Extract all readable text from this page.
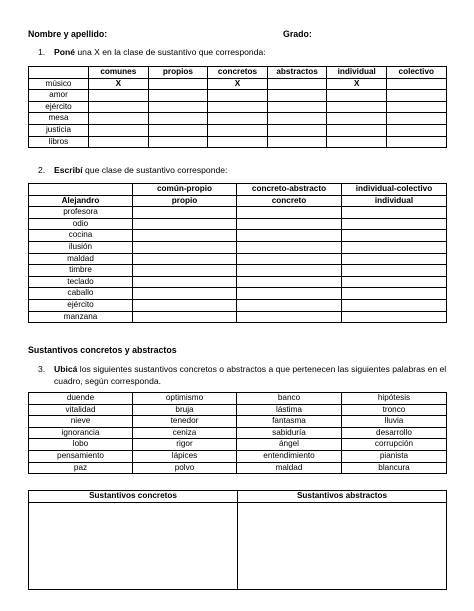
Nombre y apellido:	Grado:
1. Poné una X en la clase de sustantivo que corresponda:
	comunes	propios	concretos	abstractos	individual	colectivo
músico	X		X		X	
amor						
ejército						
mesa						
justicia						
libros						
2. Escribí que clase de sustantivo corresponde:
	común-propio	concreto-abstracto	individual-colectivo
Alejandro	propio	concreto	individual
profesora			
odio			
cocina			
ilusión			
maldad			
timbre			
teclado			
caballo			
ejército			
manzana			
Sustantivos concretos y abstractos
3. Ubicá los siguientes sustantivos concretos o abstractos a que pertenecen las siguientes palabras en el
cuadro, según corresponda.
duende	optimismo	banco	hipótesis
vitalidad	bruja	lástima	tronco
nieve	tenedor	fantasma	lluvia
ignorancia	ceniza	sabiduría	desarrollo
lobo	rigor	ángel	corrupción
pensamiento	lápices	entendimiento	pianista
paz	polvo	maldad	blancura
Sustantivos concretos	Sustantivos abstractos
